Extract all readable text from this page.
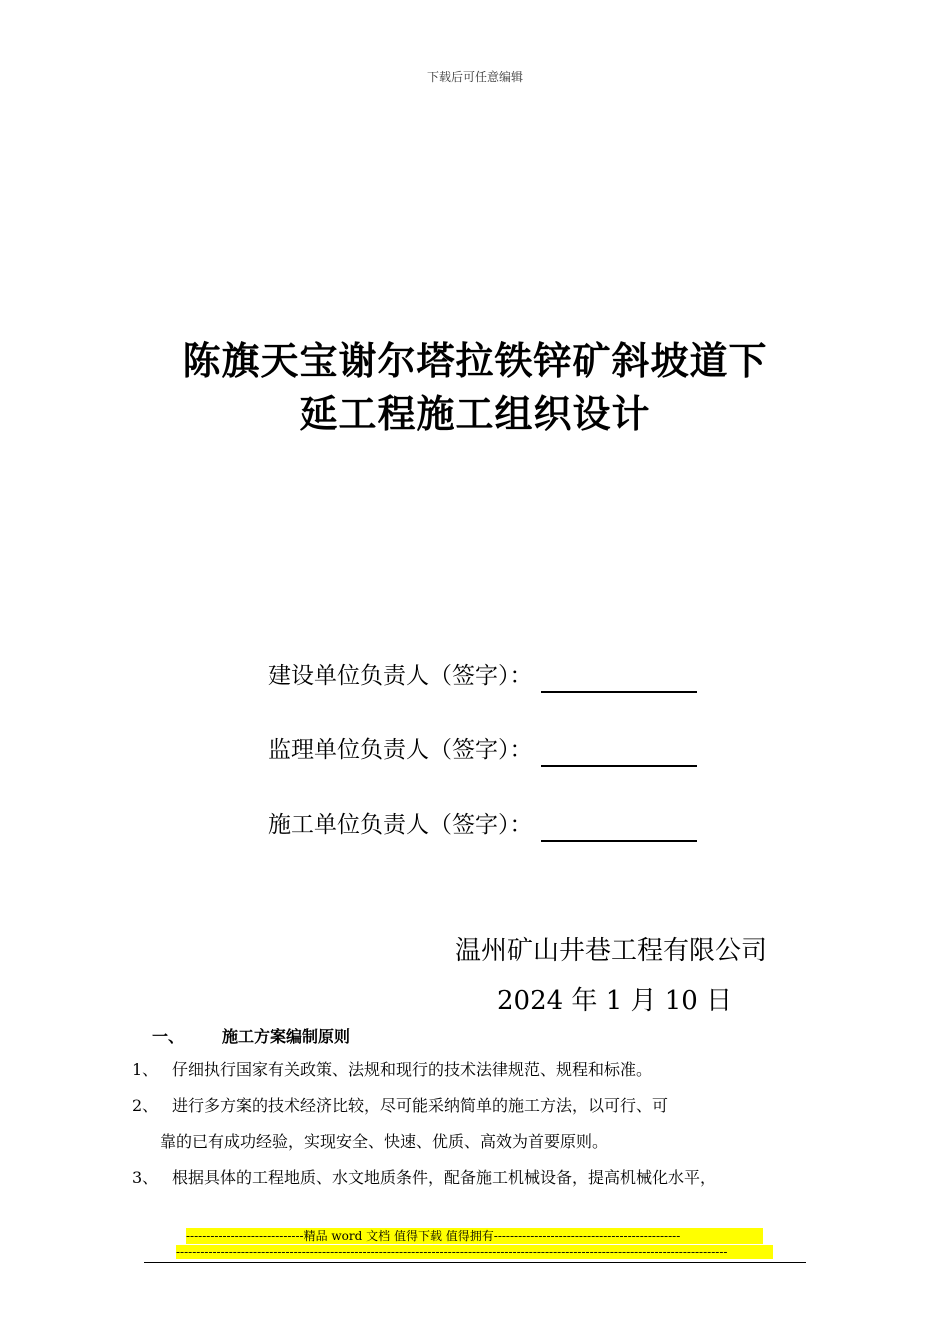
下载后可任意编辑
陈旗天宝谢尔塔拉铁锌矿斜坡道下
延工程施工组织设计
建设单位负责人（签字）：
监理单位负责人（签字）：
施工单位负责人（签字）：
温州矿山井巷工程有限公司
2024 年 1 月 10 日
一、 施工方案编制原则
1、 仔细执行国家有关政策、法规和现行的技术法律规范、规程和标准。
2、 进行多方案的技术经济比较，尽可能采纳简单的施工方法，以可行、可
靠的已有成功经验，实现安全、快速、优质、高效为首要原则。
3、 根据具体的工程地质、水文地质条件，配备施工机械设备，提高机械化水平，
-----------------------------精品 word 文档 值得下载 值得拥有----------------------------------------------
----------------------------------------------------------------------------------------------------------------------------------------
